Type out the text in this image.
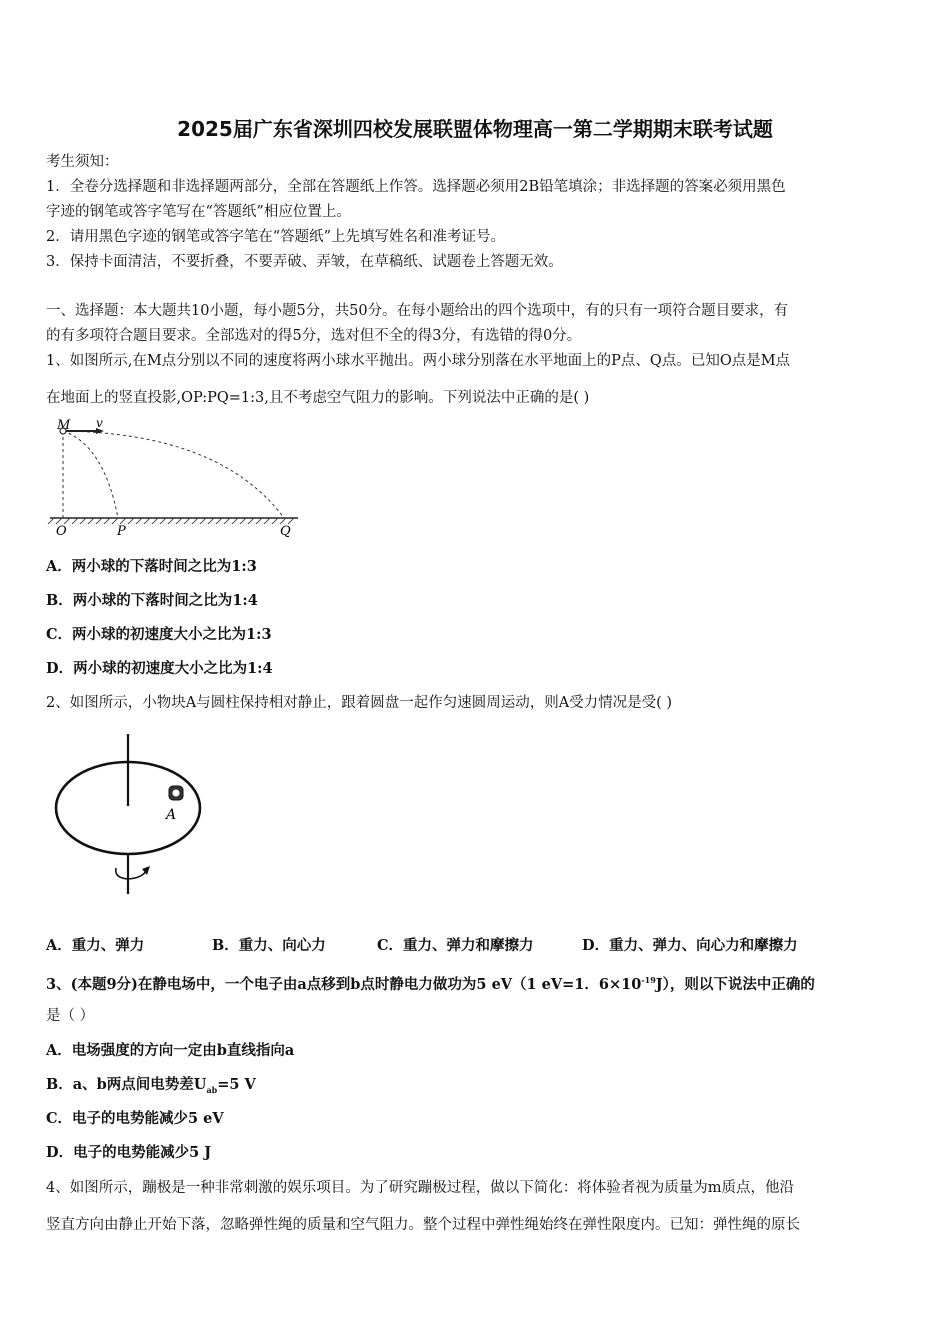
2025届广东省深圳四校发展联盟体物理高一第二学期期末联考试题
考生须知：
1．全卷分选择题和非选择题两部分，全部在答题纸上作答。选择题必须用2B铅笔填涂；非选择题的答案必须用黑色
字迹的钢笔或答字笔写在“答题纸”相应位置上。
2．请用黑色字迹的钢笔或答字笔在“答题纸”上先填写姓名和准考证号。
3．保持卡面清洁，不要折叠，不要弄破、弄皱，在草稿纸、试题卷上答题无效。
一、选择题：本大题共10小题，每小题5分，共50分。在每小题给出的四个选项中，有的只有一项符合题目要求，有
的有多项符合题目要求。全部选对的得5分，选对但不全的得3分，有选错的得0分。
1、如图所示,在M点分别以不同的速度将两小球水平抛出。两小球分别落在水平地面上的P点、Q点。已知O点是M点
在地面上的竖直投影,OP:PQ=1:3,且不考虑空气阻力的影响。下列说法中正确的是( )
M v
O	P	Q
A．两小球的下落时间之比为1:3
B．两小球的下落时间之比为1:4
C．两小球的初速度大小之比为1:3
D．两小球的初速度大小之比为1:4
2、如图所示，小物块A与圆柱保持相对静止，跟着圆盘一起作匀速圆周运动，则A受力情况是受( )
A
A．重力、弹力	B．重力、向心力	C．重力、弹力和摩擦力	D．重力、弹力、向心力和摩擦力
3、(本题9分)在静电场中，一个电子由a点移到b点时静电力做功为5 eV（1 eV=1．$6\times 10^{-19}J$），则以下说法中正确的
是（ ）
A．电场强度的方向一定由b直线指向a
B．a、b两点间电势差$U_{ab}=5$ V
C．电子的电势能减少5 eV
D．电子的电势能减少5 J
4、如图所示，蹦极是一种非常刺激的娱乐项目。为了研究蹦极过程，做以下简化：将体验者视为质量为m质点，他沿
竖直方向由静止开始下落，忽略弹性绳的质量和空气阻力。整个过程中弹性绳始终在弹性限度内。已知：弹性绳的原长
